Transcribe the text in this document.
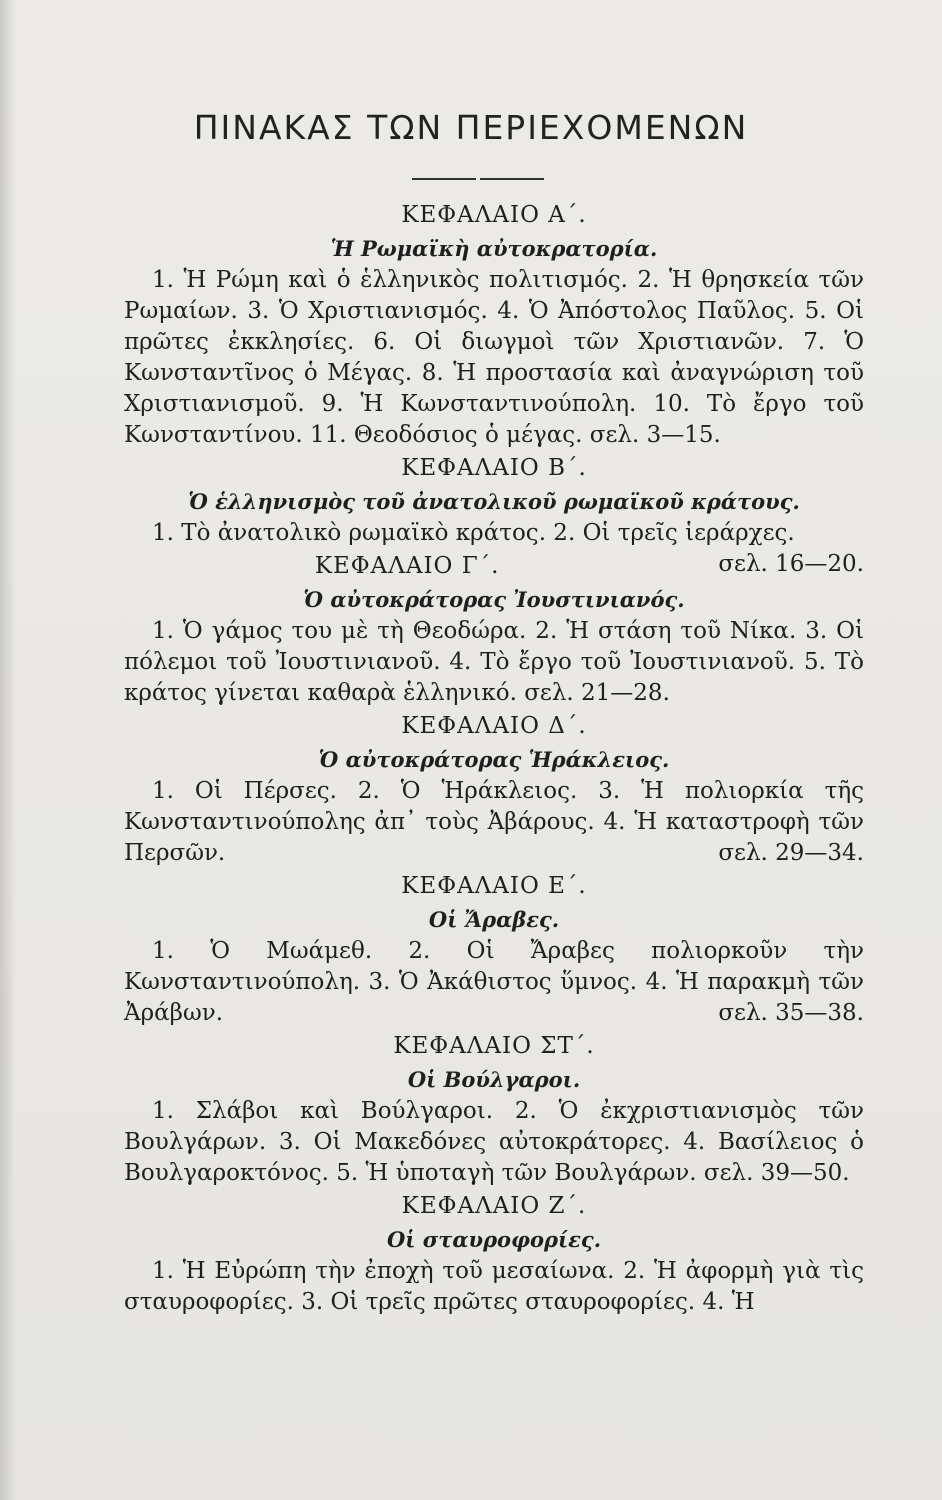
ΠΙΝΑΚΑΣ ΤΩΝ ΠΕΡΙΕΧΟΜΕΝΩΝ
ΚΕΦΑΛΑΙΟ Α΄.
Ἡ Ρωμαϊκὴ αὐτοκρατορία.
1. Ἡ Ρώμη καὶ ὁ ἑλληνικὸς πολιτισμός. 2. Ἡ θρησκεία τῶν Ρωμαίων. 3. Ὁ Χριστιανισμός. 4. Ὁ Ἀπόστολος Παῦλος. 5. Οἱ πρῶτες ἐκκλησίες. 6. Οἱ διωγμοὶ τῶν Χριστιανῶν. 7. Ὁ Κωνσταντῖνος ὁ Μέγας. 8. Ἡ προστασία καὶ ἀναγνώριση τοῦ Χριστιανισμοῦ. 9. Ἡ Κωνσταντινούπολη. 10. Τὸ ἔργο τοῦ Κωνσταντίνου. 11. Θεοδόσιος ὁ μέγας. σελ. 3—15.
ΚΕΦΑΛΑΙΟ Β΄.
Ὁ ἑλληνισμὸς τοῦ ἀνατολικοῦ ρωμαϊκοῦ κράτους.
1. Τὸ ἀνατολικὸ ρωμαϊκὸ κράτος. 2. Οἱ τρεῖς ἱεράρχες.
σελ. 16—20.
ΚΕΦΑΛΑΙΟ Γ΄.
Ὁ αὐτοκράτορας Ἰουστινιανός.
1. Ὁ γάμος του μὲ τὴ Θεοδώρα. 2. Ἡ στάση τοῦ Νίκα. 3. Οἱ πόλεμοι τοῦ Ἰουστινιανοῦ. 4. Τὸ ἔργο τοῦ Ἰουστινιανοῦ. 5. Τὸ κράτος γίνεται καθαρὰ ἑλληνικό. σελ. 21—28.
ΚΕΦΑΛΑΙΟ Δ΄.
Ὁ αὐτοκράτορας Ἡράκλειος.
1. Οἱ Πέρσες. 2. Ὁ Ἡράκλειος. 3. Ἡ πολιορκία τῆς Κωνσταντινούπολης ἀπ᾿ τοὺς Ἀβάρους. 4. Ἡ καταστροφὴ τῶν Περσῶν.	σελ. 29—34.
ΚΕΦΑΛΑΙΟ Ε΄.
Οἱ Ἄραβες.
1. Ὁ Μωάμεθ. 2. Οἱ Ἄραβες πολιορκοῦν τὴν Κωνσταντινούπολη. 3. Ὁ Ἀκάθιστος ὕμνος. 4. Ἡ παρακμὴ τῶν Ἀράβων.	σελ. 35—38.
ΚΕΦΑΛΑΙΟ ΣΤ΄.
Οἱ Βούλγαροι.
1. Σλάβοι καὶ Βούλγαροι. 2. Ὁ ἐκχριστιανισμὸς τῶν Βουλγάρων. 3. Οἱ Μακεδόνες αὐτοκράτορες. 4. Βασίλειος ὁ Βουλγαροκτόνος. 5. Ἡ ὑποταγὴ τῶν Βουλγάρων. σελ. 39—50.
ΚΕΦΑΛΑΙΟ Ζ΄.
Οἱ σταυροφορίες.
1. Ἡ Εὐρώπη τὴν ἐποχὴ τοῦ μεσαίωνα. 2. Ἡ ἀφορμὴ γιὰ τὶς σταυροφορίες. 3. Οἱ τρεῖς πρῶτες σταυροφορίες. 4. Ἡ
